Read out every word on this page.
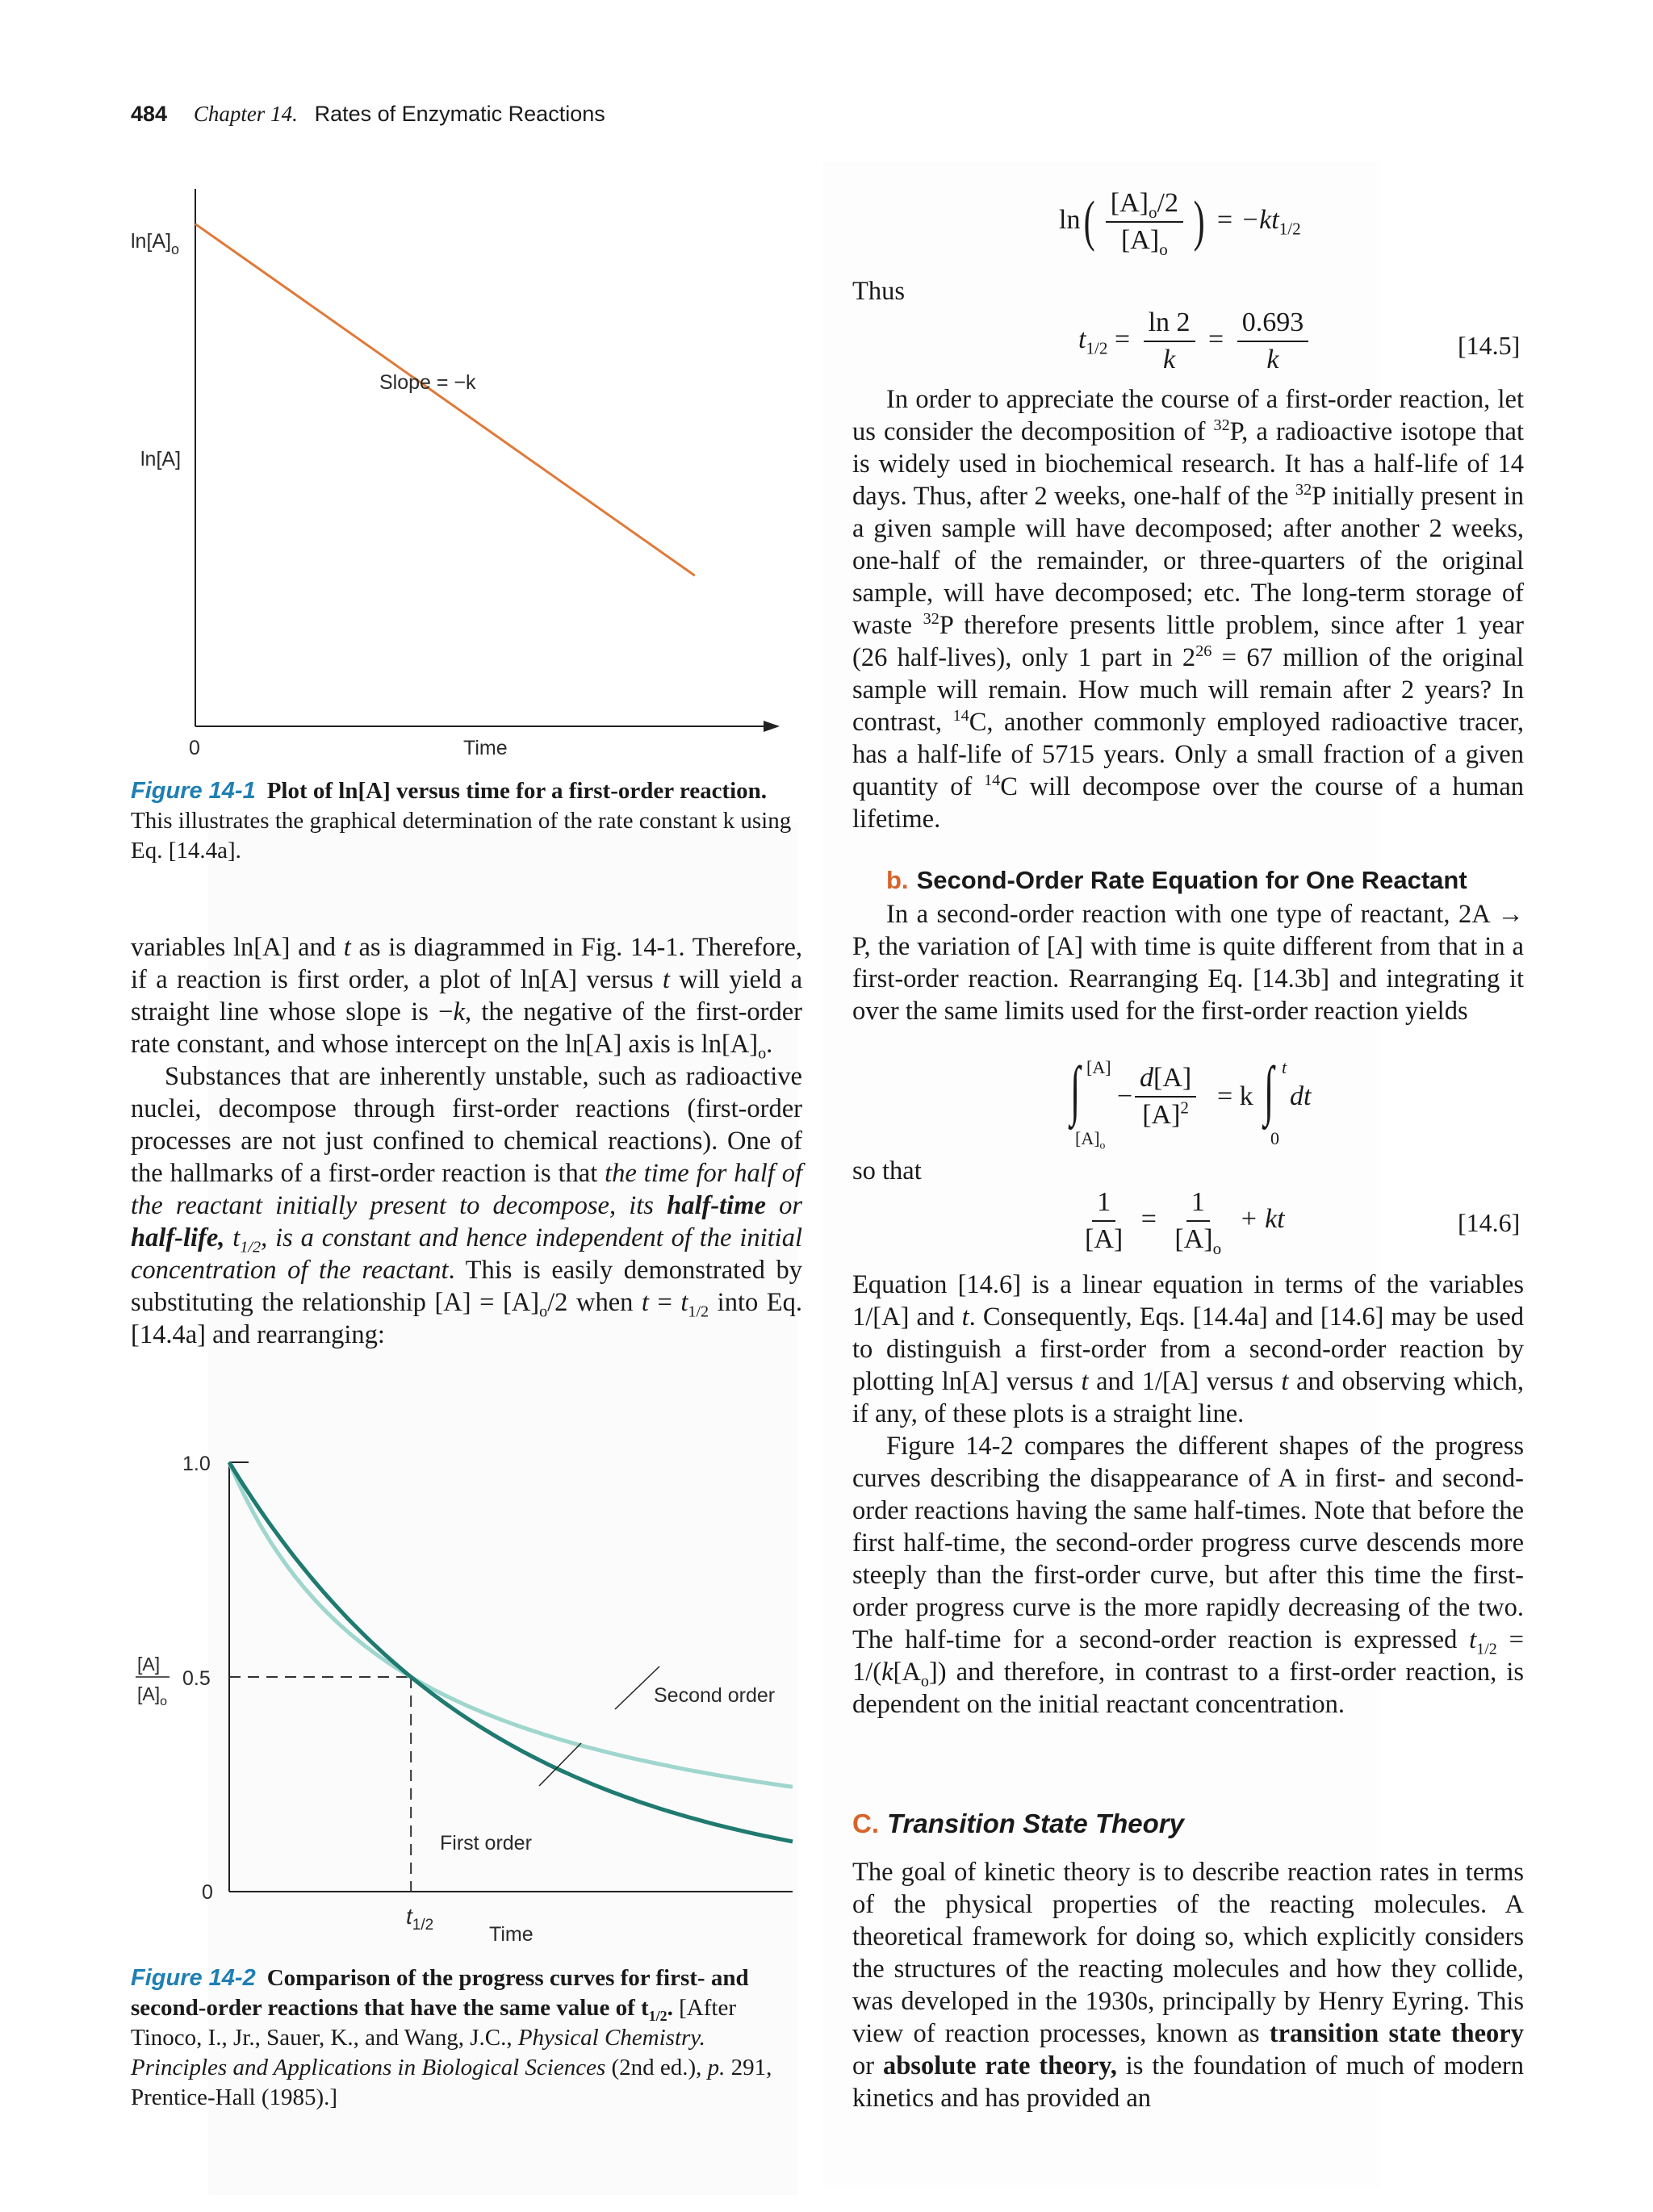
484 Chapter 14. Rates of Enzymatic Reactions
$\ln[A]_o$
ln[A]
Slope = −k
0	Time
Figure 14-1 Plot of ln[A] versus time for a first-order reaction. This illustrates the graphical determination of the rate constant k using Eq. [14.4a].

variables ln[A] and t as is diagrammed in Fig. 14-1. Therefore, if a reaction is first order, a plot of ln[A] versus t will yield a straight line whose slope is −k, the negative of the first-order rate constant, and whose intercept on the ln[A] axis is $\ln[A]_o$.

Substances that are inherently unstable, such as radioactive nuclei, decompose through first-order reactions (first-order processes are not just confined to chemical reactions). One of the hallmarks of a first-order reaction is that the time for half of the reactant initially present to decompose, its half-time or half-life, $t_{1/2}$, is a constant and hence independent of the initial concentration of the reactant. This is easily demonstrated by substituting the relationship $[A] = [A]_o/2$ when $t = t_{1/2}$ into Eq. [14.4a] and rearranging:

1.0
0.5
0
[A]
$[A]_o$	Second order
First order
$t_{1/2}$	Time
Figure 14-2 Comparison of the progress curves for first- and second-order reactions that have the same value of $t_{1/2}$. [After Tinoco, I., Jr., Sauer, K., and Wang, J.C., Physical Chemistry. Principles and Applications in Biological Sciences (2nd ed.), p. 291, Prentice-Hall (1985).]
$\ln( \frac{[A]_o/2}{[A]_o}$ ) = $-kt_{1/2}$
Thus
$t_{1/2} = \frac{\ln 2}{k} = \frac{0.693}{k}$	[14.5]

In order to appreciate the course of a first-order reaction, let us consider the decomposition of $^{32}$P, a radioactive isotope that is widely used in biochemical research. It has a half-life of 14 days. Thus, after 2 weeks, one-half of the $^{32}$P initially present in a given sample will have decomposed; after another 2 weeks, one-half of the remainder, or three-quarters of the original sample, will have decomposed; etc. The long-term storage of waste $^{32}$P therefore presents little problem, since after 1 year (26 half-lives), only 1 part in $2^{26} = 67$ million of the original sample will remain. How much will remain after 2 years? In contrast, $^{14}$C, another commonly employed radioactive tracer, has a half-life of 5715 years. Only a small fraction of a given quantity of $^{14}$C will decompose over the course of a human lifetime.

b. Second-Order Rate Equation for One Reactant

In a second-order reaction with one type of reactant, 2A → P, the variation of [A] with time is quite different from that in a first-order reaction. Rearranging Eq. [14.3b] and integrating it over the same limits used for the first-order reaction yields

∫ [A]
$[A]_o$
− $\frac{d[A]}{[A]^2} = k$ ∫ t
0
dt
so that
$\frac{1}{[A]} = \frac{1}{[A]_o}$ + kt	[14.6]

Equation [14.6] is a linear equation in terms of the variables 1/[A] and t. Consequently, Eqs. [14.4a] and [14.6] may be used to distinguish a first-order from a second-order reaction by plotting ln[A] versus t and 1/[A] versus t and observing which, if any, of these plots is a straight line.

Figure 14-2 compares the different shapes of the progress curves describing the disappearance of A in first- and second-order reactions having the same half-times. Note that before the first half-time, the second-order progress curve descends more steeply than the first-order curve, but after this time the first-order progress curve is the more rapidly decreasing of the two. The half-time for a second-order reaction is expressed $t_{1/2} = 1/(k[A_o])$ and therefore, in contrast to a first-order reaction, is dependent on the initial reactant concentration.

C. Transition State Theory

The goal of kinetic theory is to describe reaction rates in terms of the physical properties of the reacting molecules. A theoretical framework for doing so, which explicitly considers the structures of the reacting molecules and how they collide, was developed in the 1930s, principally by Henry Eyring. This view of reaction processes, known as transition state theory or absolute rate theory, is the foundation of much of modern kinetics and has provided an
